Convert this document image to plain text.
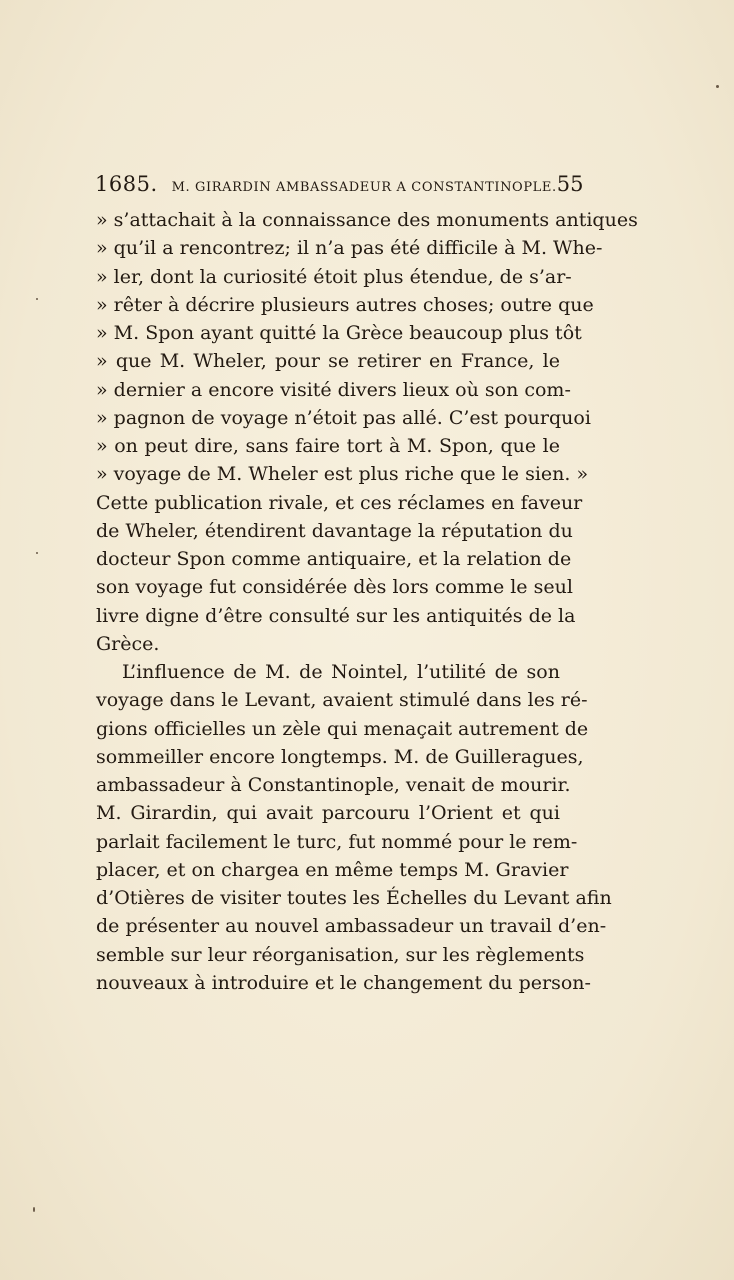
1685. M. GIRARDIN AMBASSADEUR A CONSTANTINOPLE. 55
» s’attachait à la connaissance des monuments antiques
» qu’il a rencontrez; il n’a pas été difficile à M. Whe-
» ler, dont la curiosité étoit plus étendue, de s’ar-
» rêter à décrire plusieurs autres choses; outre que
» M. Spon ayant quitté la Grèce beaucoup plus tôt
» que M. Wheler, pour se retirer en France, le
» dernier a encore visité divers lieux où son com-
» pagnon de voyage n’étoit pas allé. C’est pourquoi
» on peut dire, sans faire tort à M. Spon, que le
» voyage de M. Wheler est plus riche que le sien. »
Cette publication rivale, et ces réclames en faveur
de Wheler, étendirent davantage la réputation du
docteur Spon comme antiquaire, et la relation de
son voyage fut considérée dès lors comme le seul
livre digne d’être consulté sur les antiquités de la
Grèce.
L’influence de M. de Nointel, l’utilité de son
voyage dans le Levant, avaient stimulé dans les ré-
gions officielles un zèle qui menaçait autrement de
sommeiller encore longtemps. M. de Guilleragues,
ambassadeur à Constantinople, venait de mourir.
M. Girardin, qui avait parcouru l’Orient et qui
parlait facilement le turc, fut nommé pour le rem-
placer, et on chargea en même temps M. Gravier
d’Otières de visiter toutes les Échelles du Levant afin
de présenter au nouvel ambassadeur un travail d’en-
semble sur leur réorganisation, sur les règlements
nouveaux à introduire et le changement du person-
